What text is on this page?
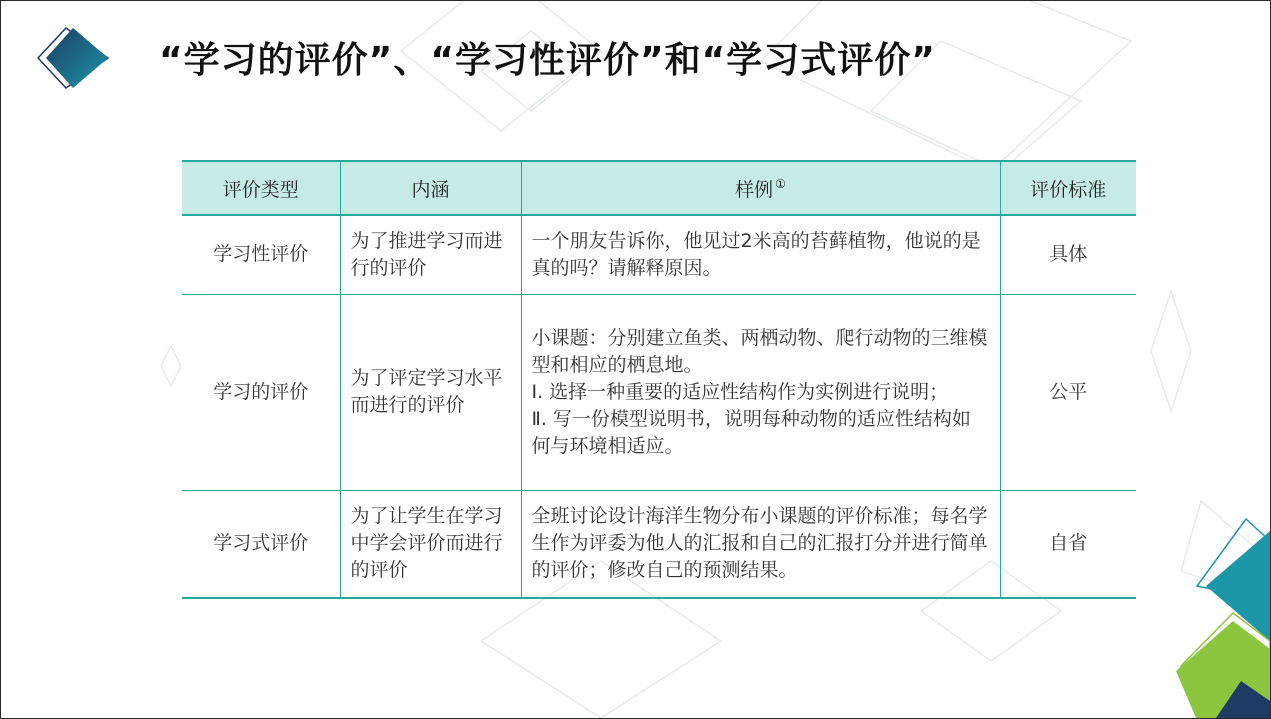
“学习的评价”、“学习性评价”和“学习式评价”
评价类型	内涵	样例 ①	评价标准
学习性评价	为了推进学习而进行的评价	一个朋友告诉你，他见过2米高的苔藓植物，他说的是真的吗？请解释原因。	具体
学习的评价	为了评定学习水平而进行的评价	小课题：分别建立鱼类、两栖动物、爬行动物的三维模型和相应的栖息地。
Ⅰ. 选择一种重要的适应性结构作为实例进行说明；
Ⅱ. 写一份模型说明书，说明每种动物的适应性结构如何与环境相适应。	公平
学习式评价	为了让学生在学习中学会评价而进行的评价	全班讨论设计海洋生物分布小课题的评价标准；每名学生作为评委为他人的汇报和自己的汇报打分并进行简单的评价；修改自己的预测结果。	自省
